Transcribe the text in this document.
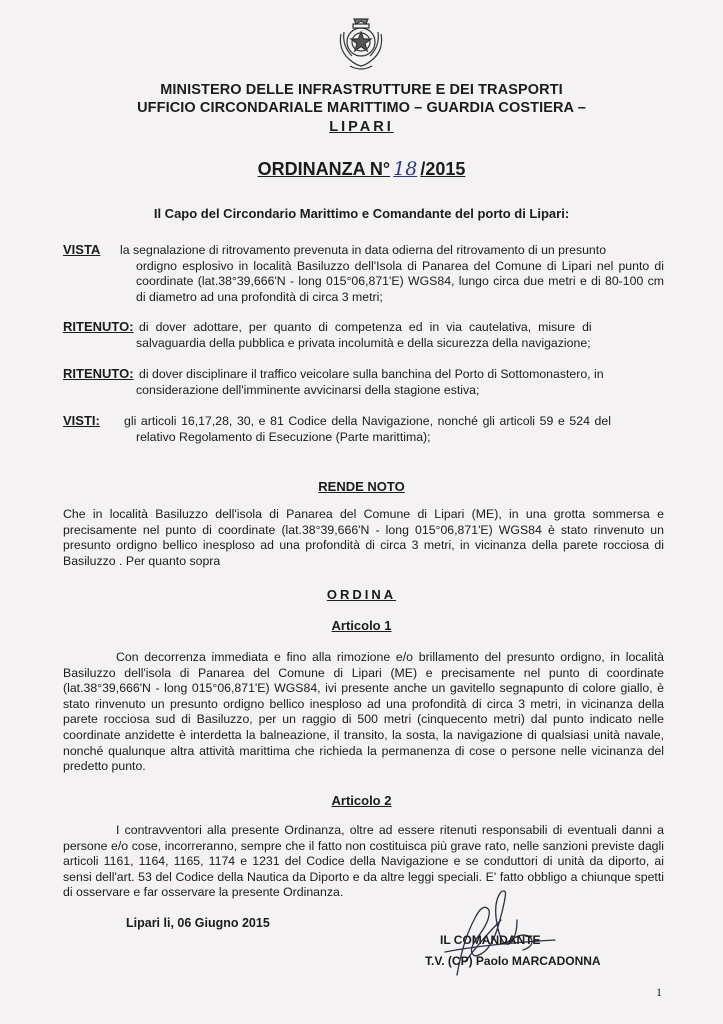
MINISTERO DELLE INFRASTRUTTURE E DEI TRASPORTI
UFFICIO CIRCONDARIALE MARITTIMO – GUARDIA COSTIERA –
LIPARI
ORDINANZA N° 18 /2015
Il Capo del Circondario Marittimo e Comandante del porto di Lipari:
VISTA la segnalazione di ritrovamento prevenuta in data odierna del ritrovamento di un presunto
ordigno esplosivo in località Basiluzzo dell'Isola di Panarea del Comune di Lipari nel punto di coordinate (lat.38°39,666'N - long 015°06,871'E) WGS84, lungo circa due metri e di 80-100 cm di diametro ad una profondità di circa 3 metri;
RITENUTO: di dover adottare, per quanto di competenza ed in via cautelativa, misure di
salvaguardia della pubblica e privata incolumità e della sicurezza della navigazione;
RITENUTO: di dover disciplinare il traffico veicolare sulla banchina del Porto di Sottomonastero, in
considerazione dell'imminente avvicinarsi della stagione estiva;
VISTI: gli articoli 16,17,28, 30, e 81 Codice della Navigazione, nonché gli articoli 59 e 524 del
relativo Regolamento di Esecuzione (Parte marittima);
RENDE NOTO
Che in località Basiluzzo dell'isola di Panarea del Comune di Lipari (ME), in una grotta sommersa e precisamente nel punto di coordinate (lat.38°39,666'N - long 015°06,871'E) WGS84 è stato rinvenuto un presunto ordigno bellico inesploso ad una profondità di circa 3 metri, in vicinanza della parete rocciosa di Basiluzzo . Per quanto sopra
ORDINA
Articolo 1
Con decorrenza immediata e fino alla rimozione e/o brillamento del presunto ordigno, in località Basiluzzo dell'isola di Panarea del Comune di Lipari (ME) e precisamente nel punto di coordinate (lat.38°39,666'N - long 015°06,871'E) WGS84, ivi presente anche un gavitello segnapunto di colore giallo, è stato rinvenuto un presunto ordigno bellico inesploso ad una profondità di circa 3 metri, in vicinanza della parete rocciosa sud di Basiluzzo, per un raggio di 500 metri (cinquecento metri) dal punto indicato nelle coordinate anzidette è interdetta la balneazione, il transito, la sosta, la navigazione di qualsiasi unità navale, nonché qualunque altra attività marittima che richieda la permanenza di cose o persone nelle vicinanza del predetto punto.
Articolo 2
I contravventori alla presente Ordinanza, oltre ad essere ritenuti responsabili di eventuali danni a persone e/o cose, incorreranno, sempre che il fatto non costituisca più grave rato, nelle sanzioni previste dagli articoli 1161, 1164, 1165, 1174 e 1231 del Codice della Navigazione e se conduttori di unità da diporto, ai sensi dell'art. 53 del Codice della Nautica da Diporto e da altre leggi speciali. E' fatto obbligo a chiunque spetti di osservare e far osservare la presente Ordinanza.
Lipari li, 06 Giugno 2015
IL COMANDANTE
T.V. (CP) Paolo MARCADONNA
1
